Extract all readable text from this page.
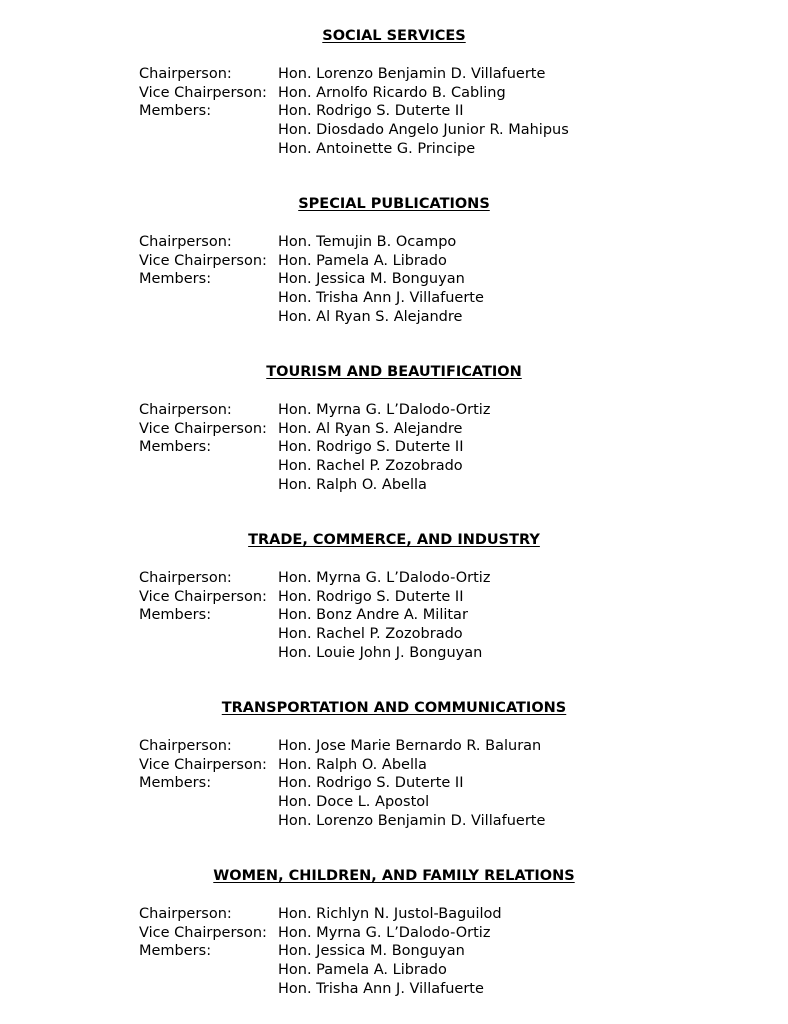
SOCIAL SERVICES
Chairperson:	Hon. Lorenzo Benjamin D. Villafuerte
Vice Chairperson: Hon. Arnolfo Ricardo B. Cabling
Members:	Hon. Rodrigo S. Duterte II
Hon. Diosdado Angelo Junior R. Mahipus
Hon. Antoinette G. Principe
SPECIAL PUBLICATIONS
Chairperson:	Hon. Temujin B. Ocampo
Vice Chairperson: Hon. Pamela A. Librado
Members:	Hon. Jessica M. Bonguyan
Hon. Trisha Ann J. Villafuerte
Hon. Al Ryan S. Alejandre
TOURISM AND BEAUTIFICATION
Chairperson:	Hon. Myrna G. L’Dalodo-Ortiz
Vice Chairperson: Hon. Al Ryan S. Alejandre
Members:	Hon. Rodrigo S. Duterte II
Hon. Rachel P. Zozobrado
Hon. Ralph O. Abella
TRADE, COMMERCE, AND INDUSTRY
Chairperson:	Hon. Myrna G. L’Dalodo-Ortiz
Vice Chairperson: Hon. Rodrigo S. Duterte II
Members:	Hon. Bonz Andre A. Militar
Hon. Rachel P. Zozobrado
Hon. Louie John J. Bonguyan
TRANSPORTATION AND COMMUNICATIONS
Chairperson:	Hon. Jose Marie Bernardo R. Baluran
Vice Chairperson: Hon. Ralph O. Abella
Members:	Hon. Rodrigo S. Duterte II
Hon. Doce L. Apostol
Hon. Lorenzo Benjamin D. Villafuerte
WOMEN, CHILDREN, AND FAMILY RELATIONS
Chairperson:	Hon. Richlyn N. Justol-Baguilod
Vice Chairperson: Hon. Myrna G. L’Dalodo-Ortiz
Members:	Hon. Jessica M. Bonguyan
Hon. Pamela A. Librado
Hon. Trisha Ann J. Villafuerte
